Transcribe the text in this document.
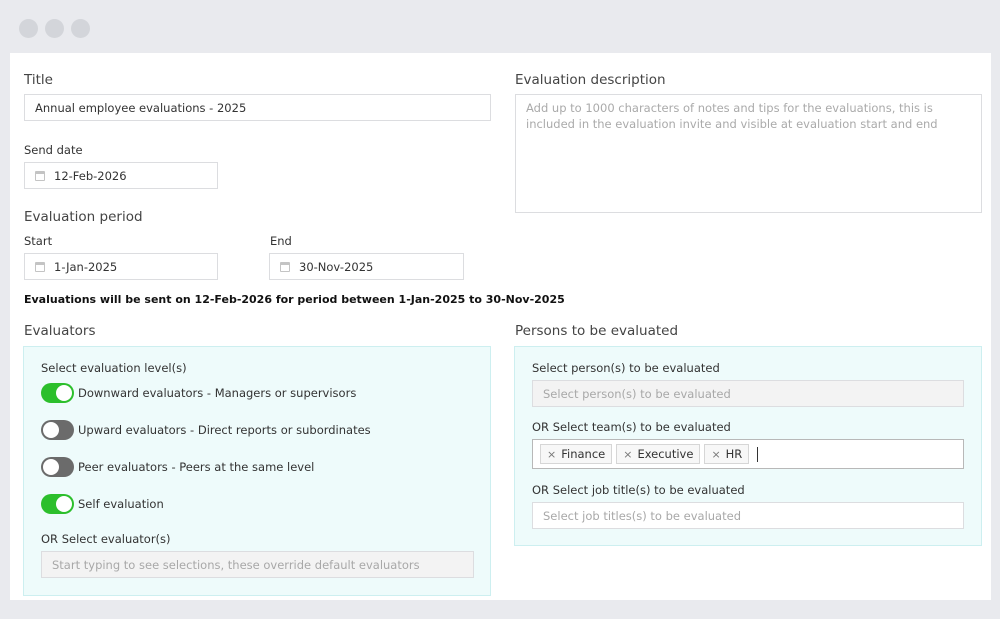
Title
Annual employee evaluations - 2025
Send date
12-Feb-2026
Evaluation period
Start
1-Jan-2025
End
30-Nov-2025
Evaluations will be sent on 12-Feb-2026 for period between 1-Jan-2025 to 30-Nov-2025
Evaluation description
Add up to 1000 characters of notes and tips for the evaluations, this is included in the evaluation invite and visible at evaluation start and end
Evaluators
Select evaluation level(s)
Downward evaluators - Managers or supervisors
Upward evaluators - Direct reports or subordinates
Peer evaluators - Peers at the same level
Self evaluation
OR Select evaluator(s)
Start typing to see selections, these override default evaluators
Persons to be evaluated
Select person(s) to be evaluated
Select person(s) to be evaluated
OR Select team(s) to be evaluated
× Finance × Executive × HR
OR Select job title(s) to be evaluated
Select job titles(s) to be evaluated
